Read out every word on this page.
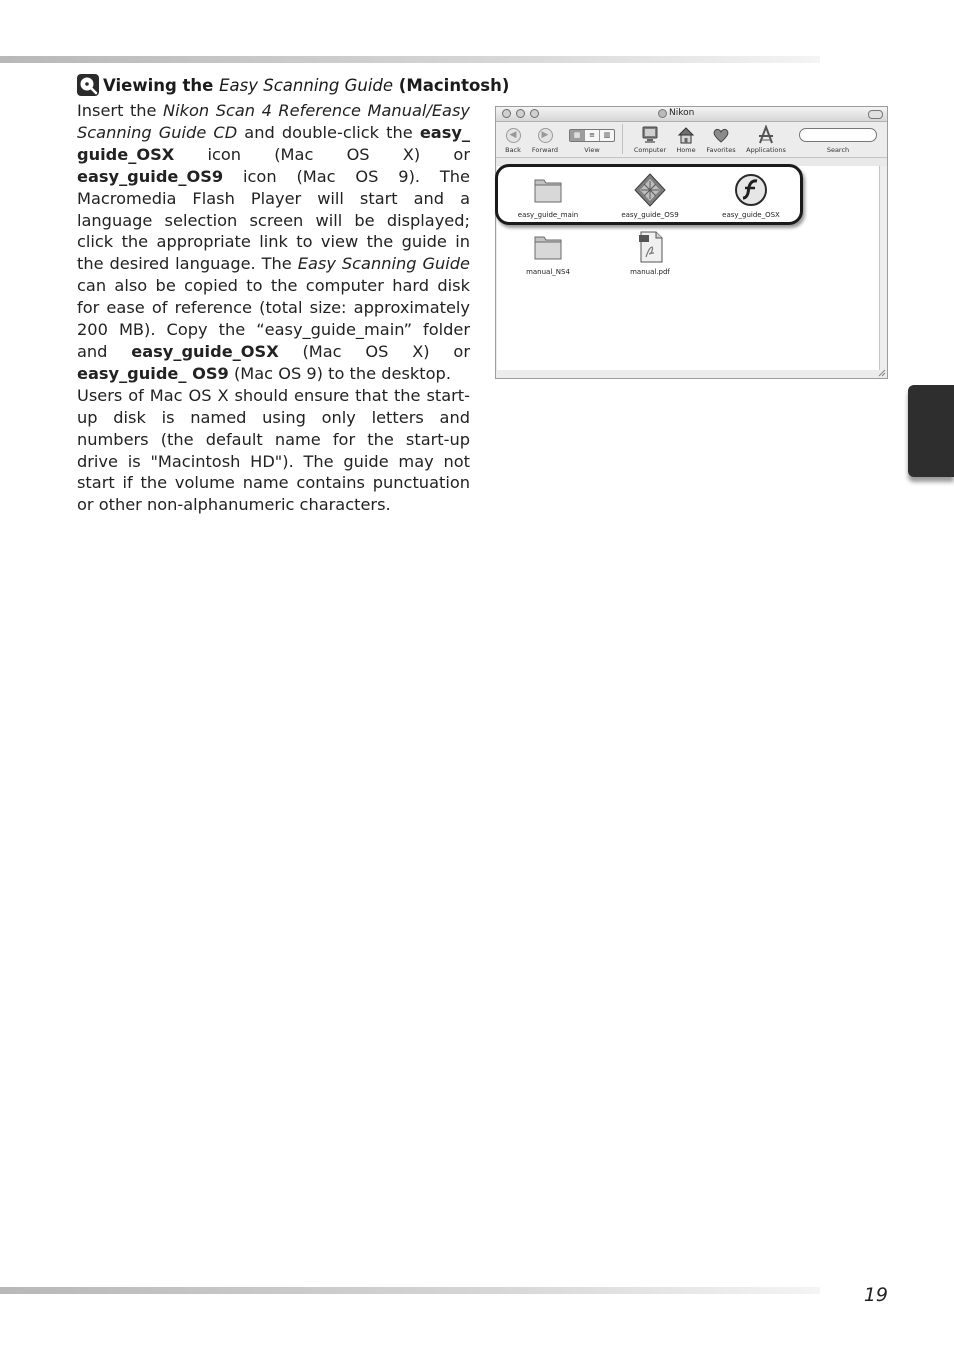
Viewing the Easy Scanning Guide (Macintosh)

Insert the Nikon Scan 4 Reference Manual/Easy Scanning Guide CD and double-click the easy_ guide_OSX icon (Mac OS X) or easy_guide_OS9 icon (Mac OS 9). The Macromedia Flash Player will start and a language selection screen will be displayed; click the appropriate link to view the guide in the desired language. The Easy Scanning Guide can also be copied to the computer hard disk for ease of reference (total size: approximately 200 MB). Copy the “easy_guide_main” folder and easy_guide_OSX (Mac OS X) or easy_guide_ OS9 (Mac OS 9) to the desktop.

Users of Mac OS X should ensure that the start-up disk is named using only letters and numbers (the default name for the start-up drive is "Macintosh HD"). The guide may not start if the volume name contains punctuation or other non-alphanumeric characters.

Nikon
◀
Back
▶
Forward
▦	≡	▥
View	Computer	Home	Favorites	Applications	Search
easy_guide_main	easy_guide_OS9	easy_guide_OSX
manual_NS4	manual.pdf
19
